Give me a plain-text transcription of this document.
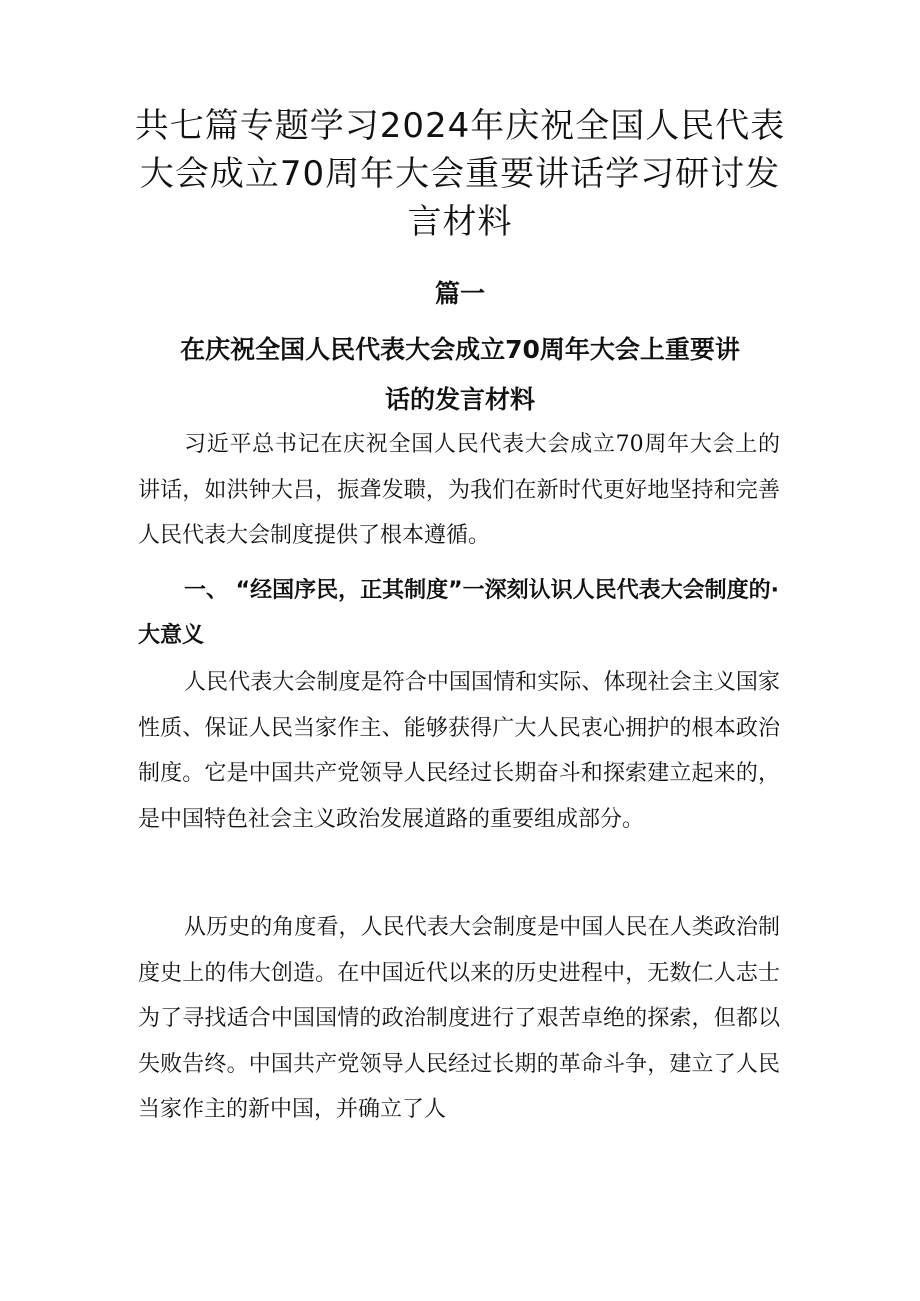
共七篇专题学习2024年庆祝全国人民代表大会成立70周年大会重要讲话学习研讨发言材料
篇一
在庆祝全国人民代表大会成立70周年大会上重要讲话的发言材料

习近平总书记在庆祝全国人民代表大会成立70周年大会上的讲话，如洪钟大吕，振聋发聩，为我们在新时代更好地坚持和完善人民代表大会制度提供了根本遵循。

一、 “经国序民，正其制度”一深刻认识人民代表大会制度的·大意义

人民代表大会制度是符合中国国情和实际、体现社会主义国家性质、保证人民当家作主、能够获得广大人民衷心拥护的根本政治制度。它是中国共产党领导人民经过长期奋斗和探索建立起来的，是中国特色社会主义政治发展道路的重要组成部分。

从历史的角度看，人民代表大会制度是中国人民在人类政治制度史上的伟大创造。在中国近代以来的历史进程中，无数仁人志士为了寻找适合中国国情的政治制度进行了艰苦卓绝的探索，但都以失败告终。中国共产党领导人民经过长期的革命斗争，建立了人民当家作主的新中国，并确立了人
